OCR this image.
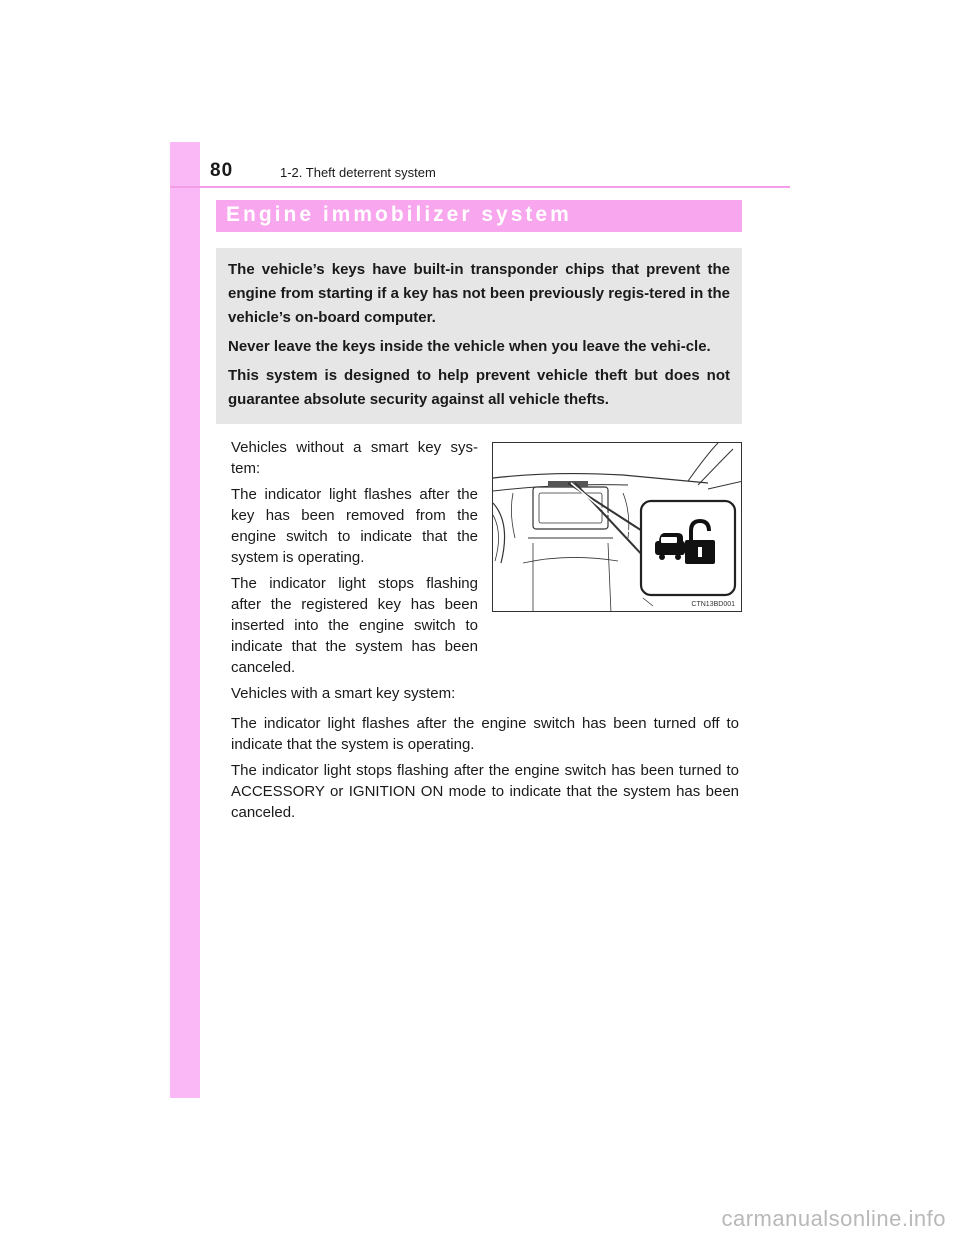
80	1-2. Theft deterrent system
Engine immobilizer system

The vehicle’s keys have built-in transponder chips that prevent the engine from starting if a key has not been previously regis-tered in the vehicle’s on-board computer.

Never leave the keys inside the vehicle when you leave the vehi-cle.

This system is designed to help prevent vehicle theft but does not guarantee absolute security against all vehicle thefts.

Vehicles without a smart key sys-tem:

The indicator light flashes after the key has been removed from the engine switch to indicate that the system is operating.

The indicator light stops flashing after the registered key has been inserted into the engine switch to indicate that the system has been canceled.

Vehicles with a smart key system:

CTN13BD001

The indicator light flashes after the engine switch has been turned off to indicate that the system is operating.

The indicator light stops flashing after the engine switch has been turned to ACCESSORY or IGNITION ON mode to indicate that the system has been canceled.

carmanualsonline.info
